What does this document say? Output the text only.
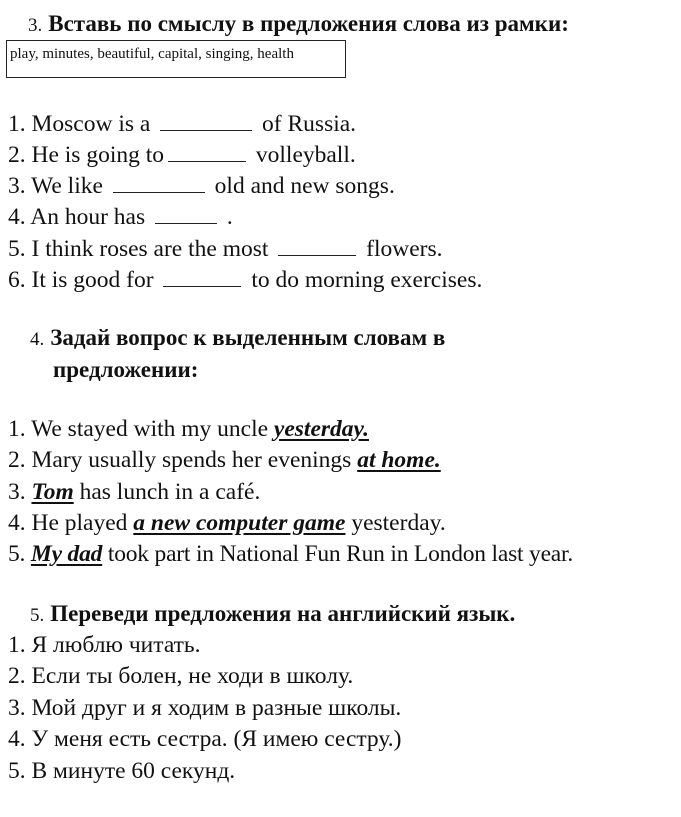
3. Вставь по смыслу в предложения слова из рамки:
play, minutes, beautiful, capital, singing, health
1. Moscow is a	of Russia.
2. He is going to	volleyball.
3. We like	old and new songs.
4. An hour has	.
5. I think roses are the most	flowers.
6. It is good for	to do morning exercises.
4. Задай вопрос к выделенным словам в
предложении:
1. We stayed with my uncle yesterday.
2. Mary usually spends her evenings at home.
3. Tom has lunch in a café.
4. He played a new computer game yesterday.
5. My dad took part in National Fun Run in London last year.
5. Переведи предложения на английский язык.
1. Я люблю читать.
2. Если ты болен, не ходи в школу.
3. Мой друг и я ходим в разные школы.
4. У меня есть сестра. (Я имею сестру.)
5. В минуте 60 секунд.
